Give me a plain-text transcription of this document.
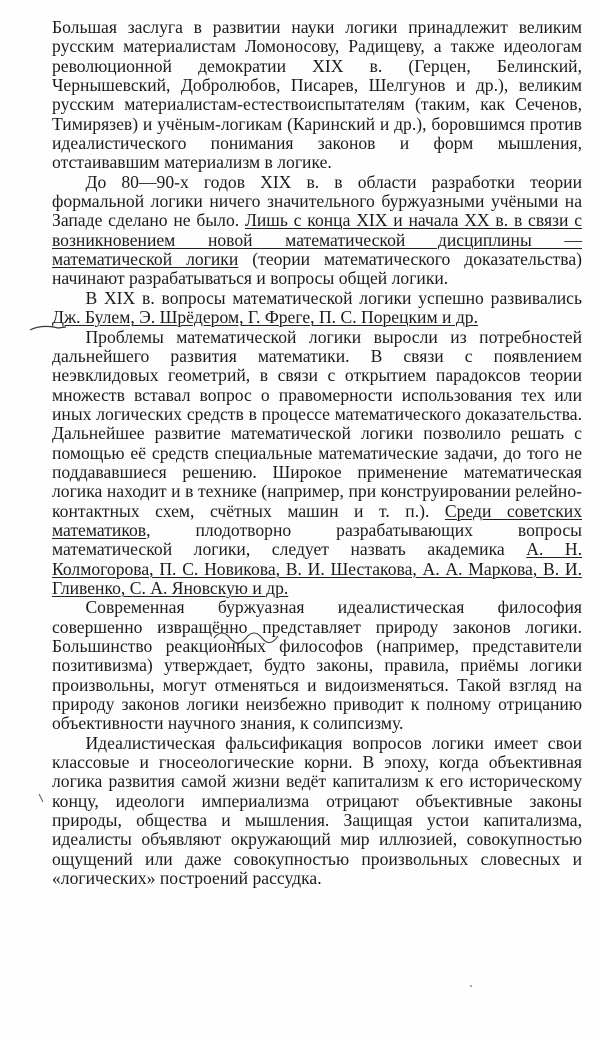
Большая заслуга в развитии науки логики принадлежит великим русским материалистам Ломоносову, Радищеву, а также идеологам революционной демократии XIX в. (Герцен, Белинский, Чернышевский, Добролюбов, Писарев, Шелгунов и др.), великим русским материалистам-естествоиспытателям (таким, как Сеченов, Тимирязев) и учёным-логикам (Каринский и др.), боровшимся против идеалистического понимания законов и форм мышления, отстаивавшим материализм в логике.

До 80—90-х годов XIX в. в области разработки теории формальной логики ничего значительного буржуазными учёными на Западе сделано не было. Лишь с конца XIX и начала XX в. в связи с возникновением новой математической дисциплины — математической логики (теории математического доказательства) начинают разрабатываться и вопросы общей логики.

В XIX в. вопросы математической логики успешно развивались Дж. Булем, Э. Шрёдером, Г. Фреге, П. С. Порецким и др.

Проблемы математической логики выросли из потребностей дальнейшего развития математики. В связи с появлением неэвклидовых геометрий, в связи с открытием парадоксов теории множеств вставал вопрос о правомерности использования тех или иных логических средств в процессе математического доказательства. Дальнейшее развитие математической логики позволило решать с помощью её средств специальные математические задачи, до того не поддававшиеся решению. Широкое применение математическая логика находит и в технике (например, при конструировании релейно-контактных схем, счётных машин и т. п.). Среди советских математиков, плодотворно разрабатывающих вопросы математической логики, следует назвать академика А. Н. Колмогорова, П. С. Новикова, В. И. Шестакова, А. А. Маркова, В. И. Гливенко, С. А. Яновскую и др.

Современная буржуазная идеалистическая философия совершенно извращённо представляет природу законов логики. Большинство реакционных философов (например, представители позитивизма) утверждает, будто законы, правила, приёмы логики произвольны, могут отменяться и видоизменяться. Такой взгляд на природу законов логики неизбежно приводит к полному отрицанию объективности научного знания, к солипсизму.

Идеалистическая фальсификация вопросов логики имеет свои классовые и гносеологические корни. В эпоху, когда объективная логика развития самой жизни ведёт капитализм к его историческому концу, идеологи империализма отрицают объективные законы природы, общества и мышления. Защищая устои капитализма, идеалисты объявляют окружающий мир иллюзией, совокупностью ощущений или даже совокупностью произвольных словесных и «логических» построений рассудка.
